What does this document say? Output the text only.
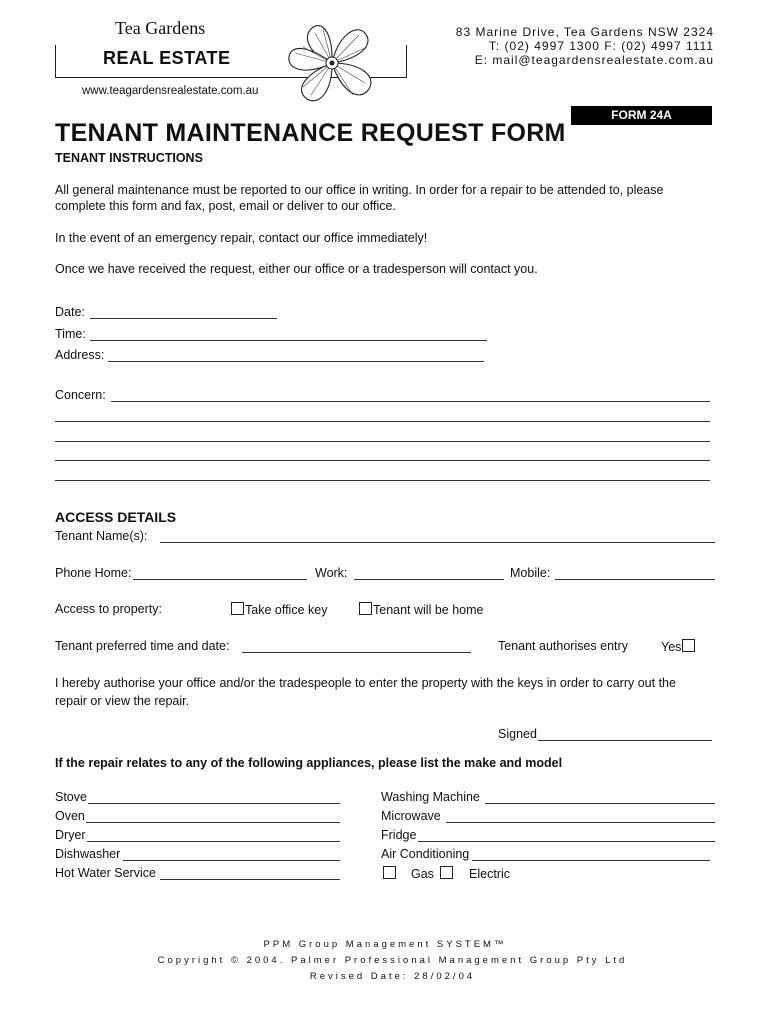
Tea Gardens
REAL ESTATE
www.teagardensrealestate.com.au
83 Marine Drive, Tea Gardens NSW 2324
T: (02) 4997 1300 F: (02) 4997 1111
E: mail@teagardensrealestate.com.au
FORM 24A
TENANT MAINTENANCE REQUEST FORM
TENANT INSTRUCTIONS
All general maintenance must be reported to our office in writing. In order for a repair to be attended to, please
complete this form and fax, post, email or deliver to our office.
In the event of an emergency repair, contact our office immediately!
Once we have received the request, either our office or a tradesperson will contact you.
Date:
Time:
Address:
Concern:
ACCESS DETAILS
Tenant Name(s):
Phone Home:	Work:	Mobile:
Access to property:	Take office key	Tenant will be home
Tenant preferred time and date:	Tenant authorises entry	Yes
I hereby authorise your office and/or the tradespeople to enter the property with the keys in order to carry out the
repair or view the repair.
Signed
If the repair relates to any of the following appliances, please list the make and model
Stove
Oven
Dryer
Dishwasher
Hot Water Service
Washing Machine
Microwave
Fridge
Air Conditioning
Gas	Electric
PPM Group Management SYSTEM™
Copyright © 2004. Palmer Professional Management Group Pty Ltd
Revised Date: 28/02/04
